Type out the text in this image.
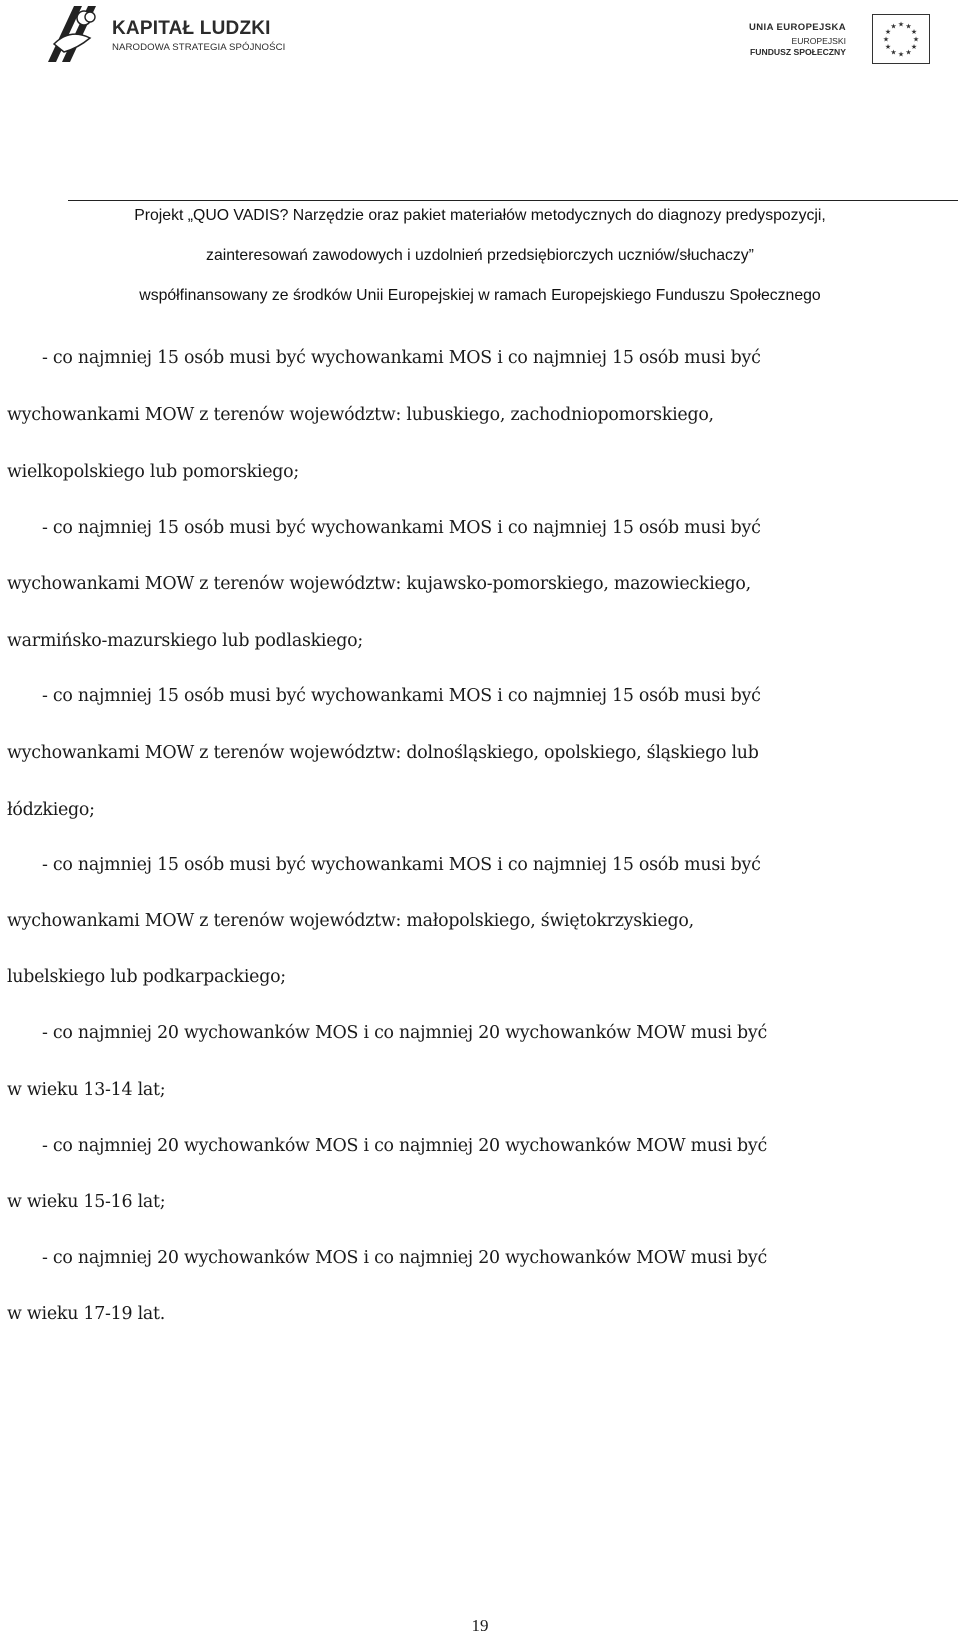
KAPITAŁ LUDZKI
NARODOWA STRATEGIA SPÓJNOŚCI
UNIA EUROPEJSKA
EUROPEJSKI
FUNDUSZ SPOŁECZNY
★ ★
★
★
★
★
★
★
★
★
★
★
Projekt „QUO VADIS? Narzędzie oraz pakiet materiałów metodycznych do diagnozy predyspozycji,
zainteresowań zawodowych i uzdolnień przedsiębiorczych uczniów/słuchaczy”
współfinansowany ze środków Unii Europejskiej w ramach Europejskiego Funduszu Społecznego
- co najmniej 15 osób musi być wychowankami MOS i co najmniej 15 osób musi być
wychowankami MOW z terenów województw: lubuskiego, zachodniopomorskiego,
wielkopolskiego lub pomorskiego;
- co najmniej 15 osób musi być wychowankami MOS i co najmniej 15 osób musi być
wychowankami MOW z terenów województw: kujawsko-pomorskiego, mazowieckiego,
warmińsko-mazurskiego lub podlaskiego;
- co najmniej 15 osób musi być wychowankami MOS i co najmniej 15 osób musi być
wychowankami MOW z terenów województw: dolnośląskiego, opolskiego, śląskiego lub
łódzkiego;
- co najmniej 15 osób musi być wychowankami MOS i co najmniej 15 osób musi być
wychowankami MOW z terenów województw: małopolskiego, świętokrzyskiego,
lubelskiego lub podkarpackiego;
- co najmniej 20 wychowanków MOS i co najmniej 20 wychowanków MOW musi być
w wieku 13-14 lat;
- co najmniej 20 wychowanków MOS i co najmniej 20 wychowanków MOW musi być
w wieku 15-16 lat;
- co najmniej 20 wychowanków MOS i co najmniej 20 wychowanków MOW musi być
w wieku 17-19 lat.
19
